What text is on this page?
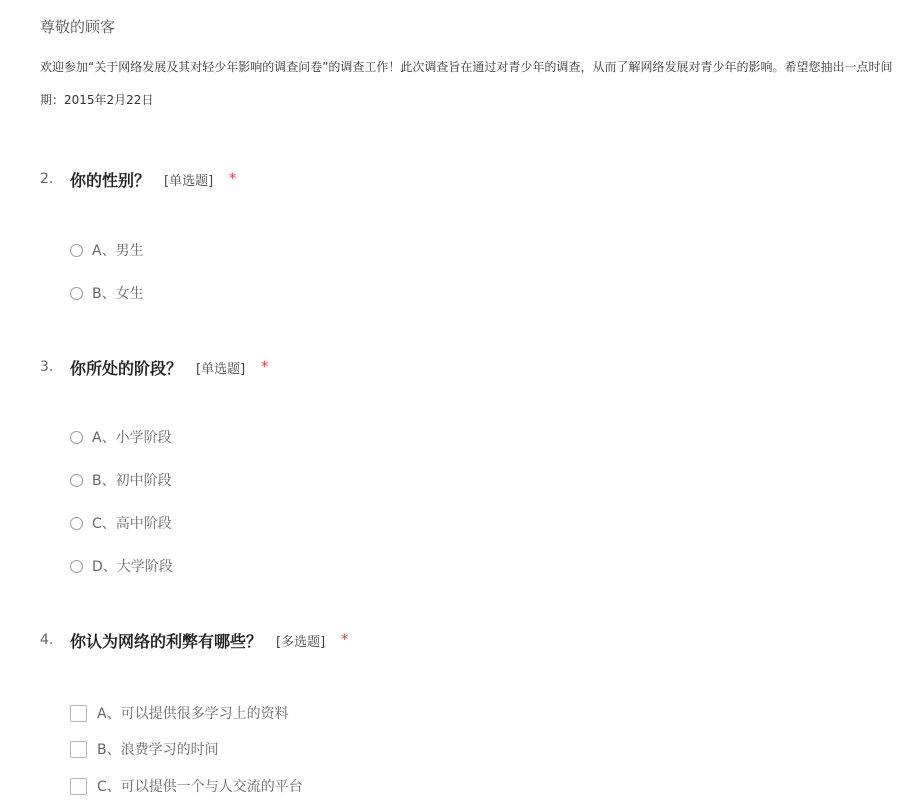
尊敬的顾客
欢迎参加“关于网络发展及其对轻少年影响的调查问卷”的调查工作！此次调查旨在通过对青少年的调查，从而了解网络发展对青少年的影响。希望您抽出一点时间
期：2015年2月22日
2.	你的性别？ [单选题] *
A、男生
B、女生
3.	你所处的阶段？ [单选题] *
A、小学阶段
B、初中阶段
C、高中阶段
D、大学阶段
4.	你认为网络的利弊有哪些？ [多选题] *
A、可以提供很多学习上的资料
B、浪费学习的时间
C、可以提供一个与人交流的平台
